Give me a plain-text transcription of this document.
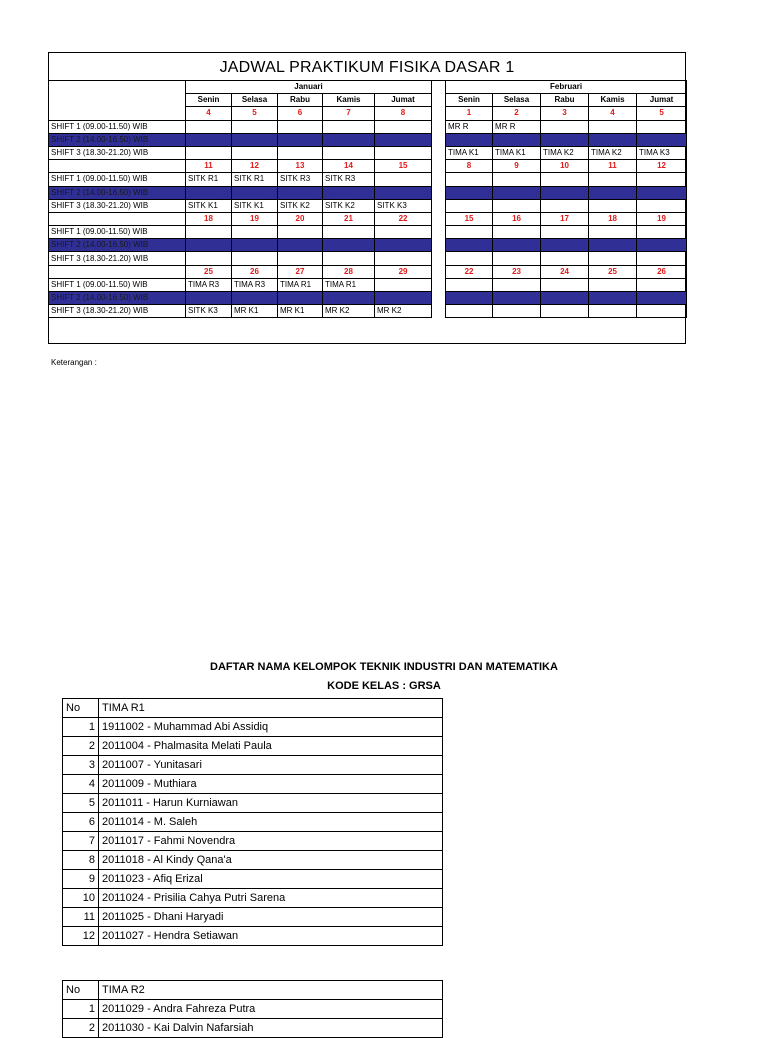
JADWAL PRAKTIKUM FISIKA DASAR 1
	Januari						Februari				
	Senin	Selasa	Rabu	Kamis	Jumat		Senin	Selasa	Rabu	Kamis	Jumat
	4	5	6	7	8		1	2	3	4	5
SHIFT 1 (09.00-11.50) WIB							MR R	MR R			
SHIFT 2 (14.00-16.50) WIB											
SHIFT 3 (18.30-21.20) WIB							TIMA K1	TIMA K1	TIMA K2	TIMA K2	TIMA K3
	11	12	13	14	15		8	9	10	11	12
SHIFT 1 (09.00-11.50) WIB	SITK R1	SITK R1	SITK R3	SITK R3							
SHIFT 2 (14.00-16.50) WIB	SITK R2	SITK R2	SITK R4	SITK R4							
SHIFT 3 (18.30-21.20) WIB	SITK K1	SITK K1	SITK K2	SITK K2	SITK K3						
	18	19	20	21	22		15	16	17	18	19
SHIFT 1 (09.00-11.50) WIB											
SHIFT 2 (14.00-16.50) WIB	UAS	UAS	UAS	UAS	UAS						
SHIFT 3 (18.30-21.20) WIB											
	25	26	27	28	29		22	23	24	25	26
SHIFT 1 (09.00-11.50) WIB	TIMA R3	TIMA R3	TIMA R1	TIMA R1							
SHIFT 2 (14.00-16.50) WIB	TIMA R4	TIMA R4	TIMA R2	TIMA R2							
SHIFT 3 (18.30-21.20) WIB	SITK K3	MR K1	MR K1	MR K2	MR K2						
Keterangan :
DAFTAR NAMA KELOMPOK TEKNIK INDUSTRI DAN MATEMATIKA
KODE KELAS : GRSA
No	TIMA R1
1	1911002 - Muhammad Abi Assidiq
2	2011004 - Phalmasita Melati Paula
3	2011007 - Yunitasari
4	2011009 - Muthiara
5	2011011 - Harun Kurniawan
6	2011014 - M. Saleh
7	2011017 - Fahmi Novendra
8	2011018 - Al Kindy Qana'a
9	2011023 - Afiq Erizal
10	2011024 - Prisilia Cahya Putri Sarena
11	2011025 - Dhani Haryadi
12	2011027 - Hendra Setiawan
No	TIMA R2
1	2011029 - Andra Fahreza Putra
2	2011030 - Kai Dalvin Nafarsiah
